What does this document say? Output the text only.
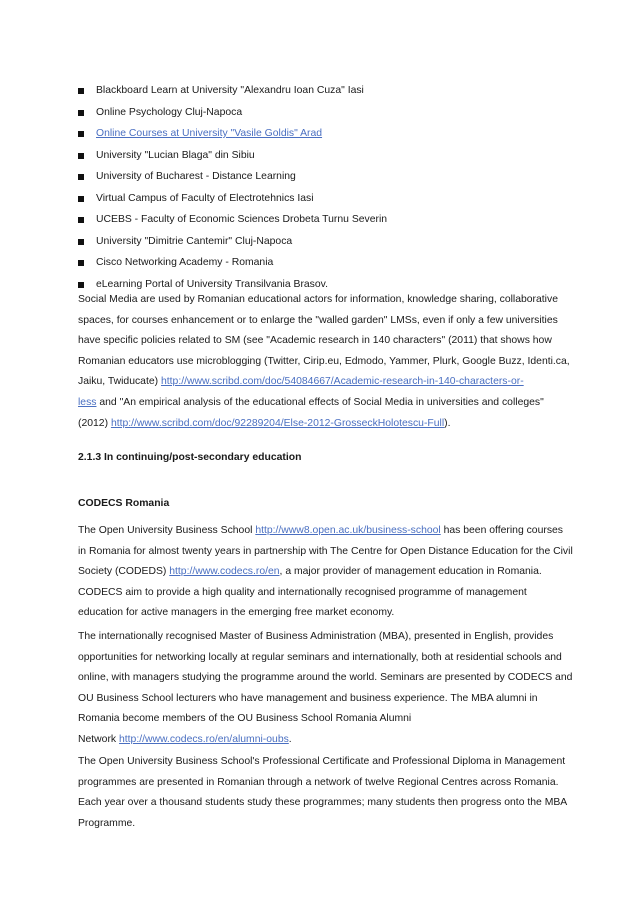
Blackboard Learn at University "Alexandru Ioan Cuza" Iasi
Online Psychology Cluj-Napoca
Online Courses at University "Vasile Goldis" Arad
University "Lucian Blaga" din Sibiu
University of Bucharest - Distance Learning
Virtual Campus of Faculty of Electrotehnics Iasi
UCEBS - Faculty of Economic Sciences Drobeta Turnu Severin
University "Dimitrie Cantemir" Cluj-Napoca
Cisco Networking Academy - Romania
eLearning Portal of University Transilvania Brasov.
Social Media are used by Romanian educational actors for information, knowledge sharing, collaborative
spaces, for courses enhancement or to enlarge the "walled garden" LMSs, even if only a few universities
have specific policies related to SM (see "Academic research in 140 characters" (2011) that shows how
Romanian educators use microblogging (Twitter, Cirip.eu, Edmodo, Yammer, Plurk, Google Buzz, Identi.ca,
Jaiku, Twiducate) http://www.scribd.com/doc/54084667/Academic-research-in-140-characters-or-
less and "An empirical analysis of the educational effects of Social Media in universities and colleges"
(2012) http://www.scribd.com/doc/92289204/Else-2012-GrosseckHolotescu-Full).
2.1.3 In continuing/post-secondary education
CODECS Romania
The Open University Business School http://www8.open.ac.uk/business-school has been offering courses
in Romania for almost twenty years in partnership with The Centre for Open Distance Education for the Civil
Society (CODEDS) http://www.codecs.ro/en, a major provider of management education in Romania.
CODECS aim to provide a high quality and internationally recognised programme of management
education for active managers in the emerging free market economy.
The internationally recognised Master of Business Administration (MBA), presented in English, provides
opportunities for networking locally at regular seminars and internationally, both at residential schools and
online, with managers studying the programme around the world. Seminars are presented by CODECS and
OU Business School lecturers who have management and business experience. The MBA alumni in
Romania become members of the OU Business School Romania Alumni
Network http://www.codecs.ro/en/alumni-oubs.
The Open University Business School's Professional Certificate and Professional Diploma in Management
programmes are presented in Romanian through a network of twelve Regional Centres across Romania.
Each year over a thousand students study these programmes; many students then progress onto the MBA
Programme.
